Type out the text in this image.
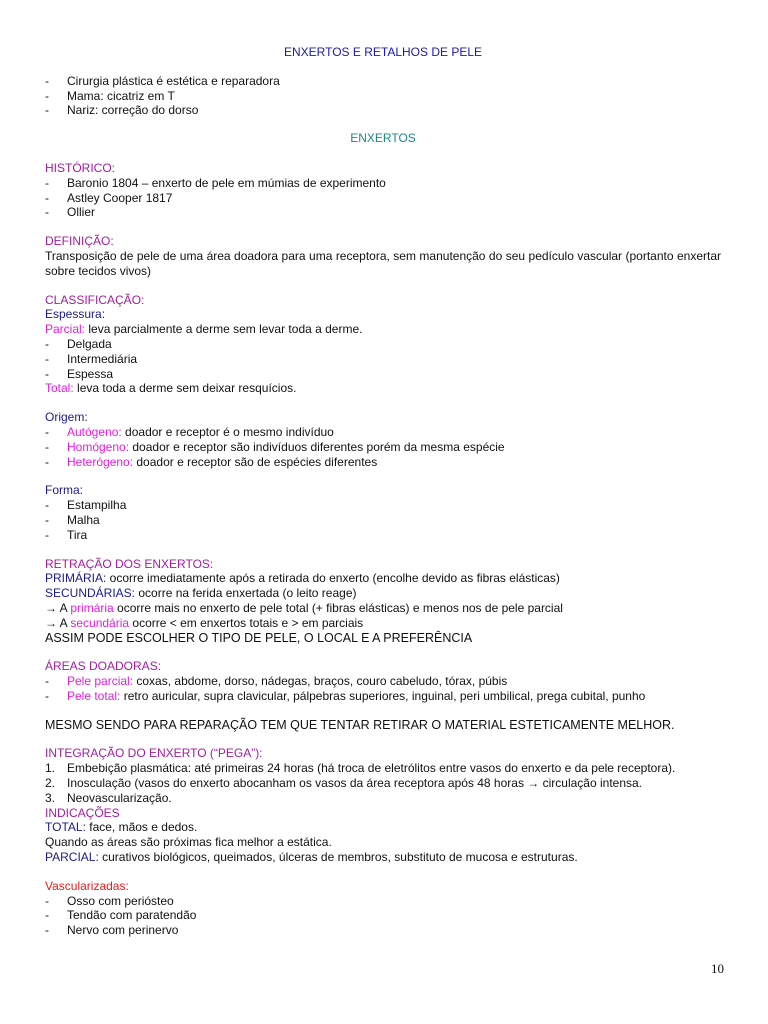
ENXERTOS E RETALHOS DE PELE
- Cirurgia plástica é estética e reparadora
- Mama: cicatriz em T
- Nariz: correção do dorso
ENXERTOS
HISTÓRICO:
- Baronio 1804 – enxerto de pele em múmias de experimento
- Astley Cooper 1817
- Ollier
DEFINIÇÃO:
Transposição de pele de uma área doadora para uma receptora, sem manutenção do seu pedículo vascular (portanto enxertar sobre tecidos vivos)
CLASSIFICAÇÃO:
Espessura:
Parcial: leva parcialmente a derme sem levar toda a derme.
- Delgada
- Intermediária
- Espessa
Total: leva toda a derme sem deixar resquícios.
Origem:
- Autógeno: doador e receptor é o mesmo indivíduo
- Homógeno: doador e receptor são indivíduos diferentes porém da mesma espécie
- Heterógeno: doador e receptor são de espécies diferentes
Forma:
- Estampilha
- Malha
- Tira
RETRAÇÃO DOS ENXERTOS:
PRIMÁRIA: ocorre imediatamente após a retirada do enxerto (encolhe devido as fibras elásticas)
SECUNDÁRIAS: ocorre na ferida enxertada (o leito reage)
→ A primária ocorre mais no enxerto de pele total (+ fibras elásticas) e menos nos de pele parcial
→ A secundária ocorre < em enxertos totais e > em parciais
ASSIM PODE ESCOLHER O TIPO DE PELE, O LOCAL E A PREFERÊNCIA
ÁREAS DOADORAS:
- Pele parcial: coxas, abdome, dorso, nádegas, braços, couro cabeludo, tórax, púbis
- Pele total: retro auricular, supra clavicular, pálpebras superiores, inguinal, peri umbilical, prega cubital, punho
MESMO SENDO PARA REPARAÇÃO TEM QUE TENTAR RETIRAR O MATERIAL ESTETICAMENTE MELHOR.
INTEGRAÇÃO DO ENXERTO (“PEGA”):
1. Embebição plasmática: até primeiras 24 horas (há troca de eletrólitos entre vasos do enxerto e da pele receptora).
2. Inosculação (vasos do enxerto abocanham os vasos da área receptora após 48 horas → circulação intensa.
3. Neovascularização.
INDICAÇÕES
TOTAL: face, mãos e dedos.
Quando as áreas são próximas fica melhor a estática.
PARCIAL: curativos biológicos, queimados, úlceras de membros, substituto de mucosa e estruturas.
Vascularizadas:
- Osso com periósteo
- Tendão com paratendão
- Nervo com perinervo
10
